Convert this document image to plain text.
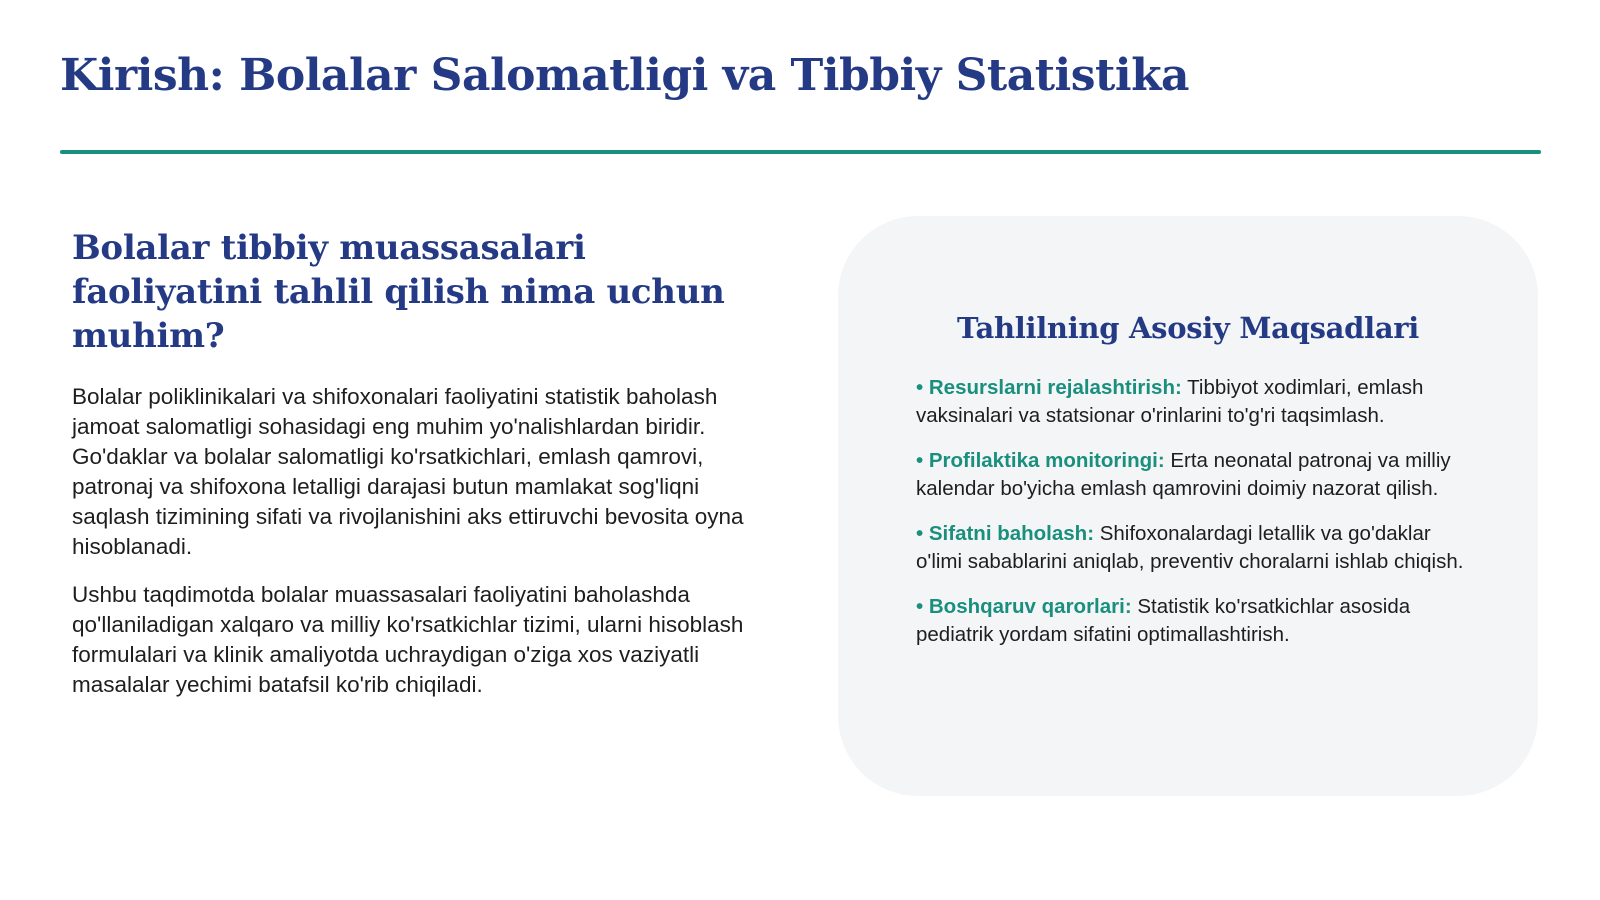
Kirish: Bolalar Salomatligi va Tibbiy Statistika
Bolalar tibbiy muassasalari faoliyatini tahlil qilish nima uchun muhim?

Bolalar poliklinikalari va shifoxonalari faoliyatini statistik baholash jamoat salomatligi sohasidagi eng muhim yo'nalishlardan biridir. Go'daklar va bolalar salomatligi ko'rsatkichlari, emlash qamrovi, patronaj va shifoxona letalligi darajasi butun mamlakat sog'liqni saqlash tizimining sifati va rivojlanishini aks ettiruvchi bevosita oyna hisoblanadi.

Ushbu taqdimotda bolalar muassasalari faoliyatini baholashda qo'llaniladigan xalqaro va milliy ko'rsatkichlar tizimi, ularni hisoblash formulalari va klinik amaliyotda uchraydigan o'ziga xos vaziyatli masalalar yechimi batafsil ko'rib chiqiladi.

Tahlilning Asosiy Maqsadlari
• Resurslarni rejalashtirish: Tibbiyot xodimlari, emlash vaksinalari va statsionar o'rinlarini to'g'ri taqsimlash.
• Profilaktika monitoringi: Erta neonatal patronaj va milliy kalendar bo'yicha emlash qamrovini doimiy nazorat qilish.
• Sifatni baholash: Shifoxonalardagi letallik va go'daklar o'limi sabablarini aniqlab, preventiv choralarni ishlab chiqish.
• Boshqaruv qarorlari: Statistik ko'rsatkichlar asosida pediatrik yordam sifatini optimallashtirish.
